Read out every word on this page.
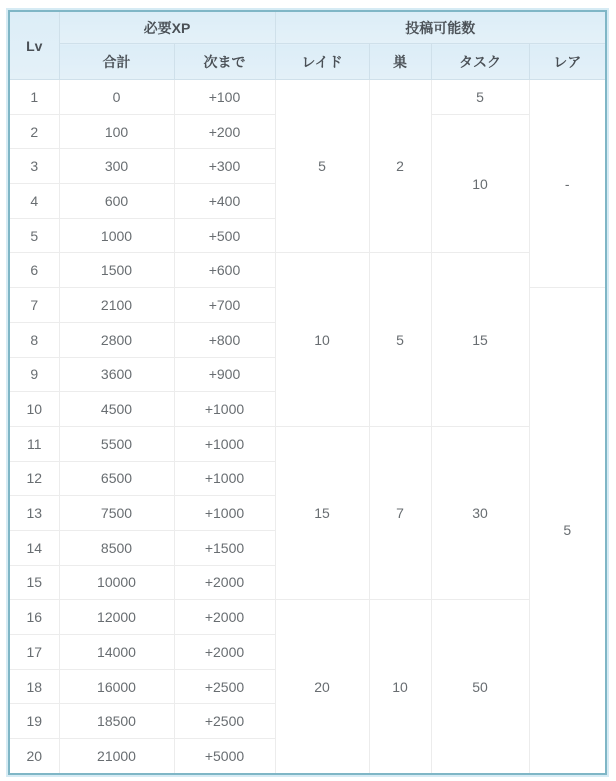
Lv	必要XP		投稿可能数			
	合計	次まで	レイド	巣	タスク	レア
1	0	+100	5	2	5	-
2	100	+200			10	
3	300	+300				
4	600	+400				
5	1000	+500				
6	1500	+600	10	5	15	
7	2100	+700				5
8	2800	+800				
9	3600	+900				
10	4500	+1000				
11	5500	+1000	15	7	30	
12	6500	+1000				
13	7500	+1000				
14	8500	+1500				
15	10000	+2000				
16	12000	+2000	20	10	50	
17	14000	+2000				
18	16000	+2500				
19	18500	+2500				
20	21000	+5000				
